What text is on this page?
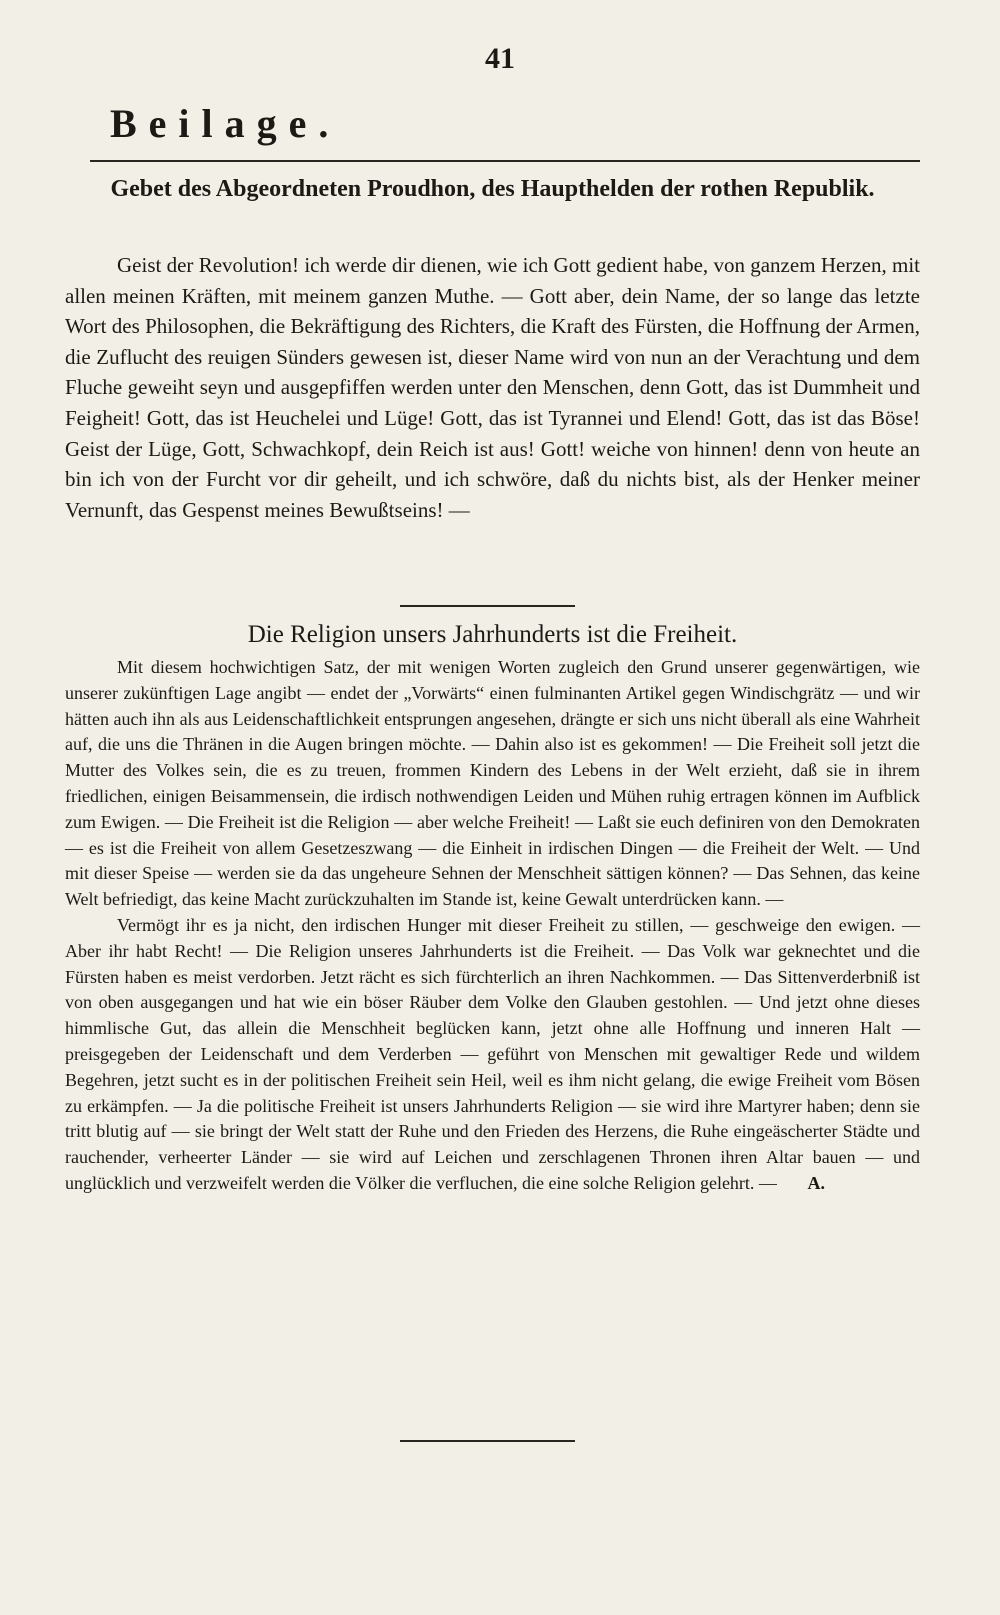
41
Beilage.
Gebet des Abgeordneten Proudhon, des Haupthelden der rothen Republik.
Geist der Revolution! ich werde dir dienen, wie ich Gott gedient habe, von ganzem Herzen, mit allen meinen Kräften, mit meinem ganzen Muthe. — Gott aber, dein Name, der so lange das letzte Wort des Philosophen, die Bekräftigung des Richters, die Kraft des Fürsten, die Hoffnung der Armen, die Zuflucht des reuigen Sünders gewesen ist, dieser Name wird von nun an der Verachtung und dem Fluche geweiht seyn und ausgepfiffen werden unter den Menschen, denn Gott, das ist Dummheit und Feigheit! Gott, das ist Heuchelei und Lüge! Gott, das ist Tyrannei und Elend! Gott, das ist das Böse! Geist der Lüge, Gott, Schwachkopf, dein Reich ist aus! Gott! weiche von hinnen! denn von heute an bin ich von der Furcht vor dir geheilt, und ich schwöre, daß du nichts bist, als der Henker meiner Vernunft, das Gespenst meines Bewußtseins! —
Die Religion unsers Jahrhunderts ist die Freiheit.

Mit diesem hochwichtigen Satz, der mit wenigen Worten zugleich den Grund unserer gegenwärtigen, wie unserer zukünftigen Lage angibt — endet der „Vorwärts“ einen fulminanten Artikel gegen Windischgrätz — und wir hätten auch ihn als aus Leidenschaftlichkeit entsprungen angesehen, drängte er sich uns nicht überall als eine Wahrheit auf, die uns die Thränen in die Augen bringen möchte. — Dahin also ist es gekommen! — Die Freiheit soll jetzt die Mutter des Volkes sein, die es zu treuen, frommen Kindern des Lebens in der Welt erzieht, daß sie in ihrem friedlichen, einigen Beisammensein, die irdisch nothwendigen Leiden und Mühen ruhig ertragen können im Aufblick zum Ewigen. — Die Freiheit ist die Religion — aber welche Freiheit! — Laßt sie euch definiren von den Demokraten — es ist die Freiheit von allem Gesetzeszwang — die Einheit in irdischen Dingen — die Freiheit der Welt. — Und mit dieser Speise — werden sie da das ungeheure Sehnen der Menschheit sättigen können? — Das Sehnen, das keine Welt befriedigt, das keine Macht zurückzuhalten im Stande ist, keine Gewalt unterdrücken kann. —

Vermögt ihr es ja nicht, den irdischen Hunger mit dieser Freiheit zu stillen, — geschweige den ewigen. — Aber ihr habt Recht! — Die Religion unseres Jahrhunderts ist die Freiheit. — Das Volk war geknechtet und die Fürsten haben es meist verdorben. Jetzt rächt es sich fürchterlich an ihren Nachkommen. — Das Sittenverderbniß ist von oben ausgegangen und hat wie ein böser Räuber dem Volke den Glauben gestohlen. — Und jetzt ohne dieses himmlische Gut, das allein die Menschheit beglücken kann, jetzt ohne alle Hoffnung und inneren Halt — preisgegeben der Leidenschaft und dem Verderben — geführt von Menschen mit gewaltiger Rede und wildem Begehren, jetzt sucht es in der politischen Freiheit sein Heil, weil es ihm nicht gelang, die ewige Freiheit vom Bösen zu erkämpfen. — Ja die politische Freiheit ist unsers Jahrhunderts Religion — sie wird ihre Martyrer haben; denn sie tritt blutig auf — sie bringt der Welt statt der Ruhe und den Frieden des Herzens, die Ruhe eingeäscherter Städte und rauchender, verheerter Länder — sie wird auf Leichen und zerschlagenen Thronen ihren Altar bauen — und unglücklich und verzweifelt werden die Völker die verfluchen, die eine solche Religion gelehrt. — A.
